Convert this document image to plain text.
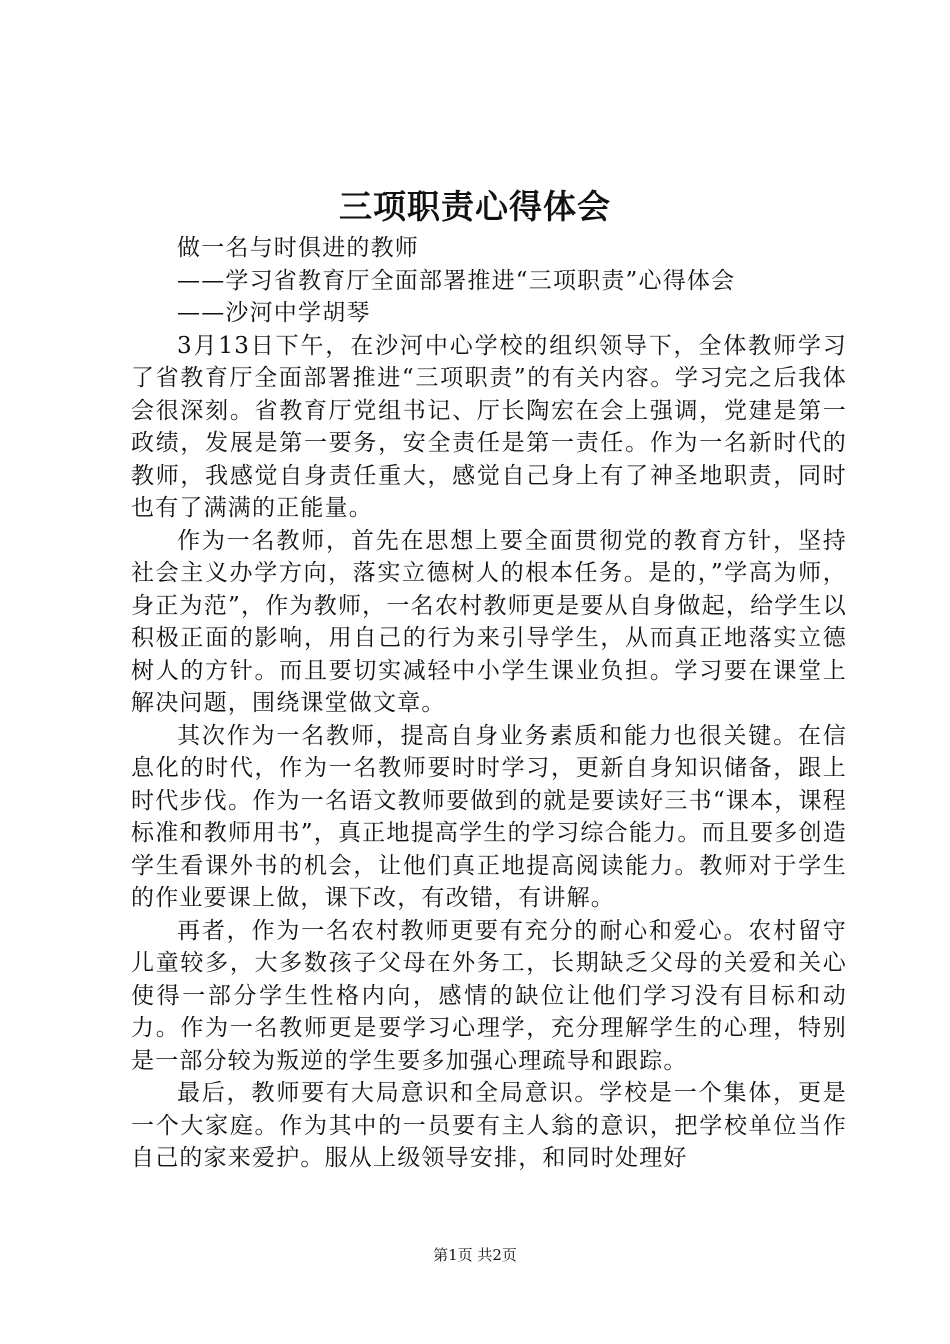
三项职责心得体会

做一名与时俱进的教师

——学习省教育厅全面部署推进“三项职责”心得体会

——沙河中学胡琴

3月13日下午，在沙河中心学校的组织领导下，全体教师学习了省教育厅全面部署推进“三项职责”的有关内容。学习完之后我体会很深刻。省教育厅党组书记、厅长陶宏在会上强调，党建是第一政绩，发展是第一要务，安全责任是第一责任。作为一名新时代的教师，我感觉自身责任重大，感觉自己身上有了神圣地职责，同时也有了满满的正能量。

作为一名教师，首先在思想上要全面贯彻党的教育方针，坚持社会主义办学方向，落实立德树人的根本任务。是的，”学高为师，身正为范”，作为教师，一名农村教师更是要从自身做起，给学生以积极正面的影响，用自己的行为来引导学生，从而真正地落实立德树人的方针。而且要切实减轻中小学生课业负担。学习要在课堂上解决问题，围绕课堂做文章。

其次作为一名教师，提高自身业务素质和能力也很关键。在信息化的时代，作为一名教师要时时学习，更新自身知识储备，跟上时代步伐。作为一名语文教师要做到的就是要读好三书“课本，课程标准和教师用书”，真正地提高学生的学习综合能力。而且要多创造学生看课外书的机会，让他们真正地提高阅读能力。教师对于学生的作业要课上做，课下改，有改错，有讲解。

再者，作为一名农村教师更要有充分的耐心和爱心。农村留守儿童较多，大多数孩子父母在外务工，长期缺乏父母的关爱和关心使得一部分学生性格内向，感情的缺位让他们学习没有目标和动力。作为一名教师更是要学习心理学，充分理解学生的心理，特别是一部分较为叛逆的学生要多加强心理疏导和跟踪。

最后，教师要有大局意识和全局意识。学校是一个集体，更是一个大家庭。作为其中的一员要有主人翁的意识，把学校单位当作自己的家来爱护。服从上级领导安排，和同时处理好

第1页 共2页
